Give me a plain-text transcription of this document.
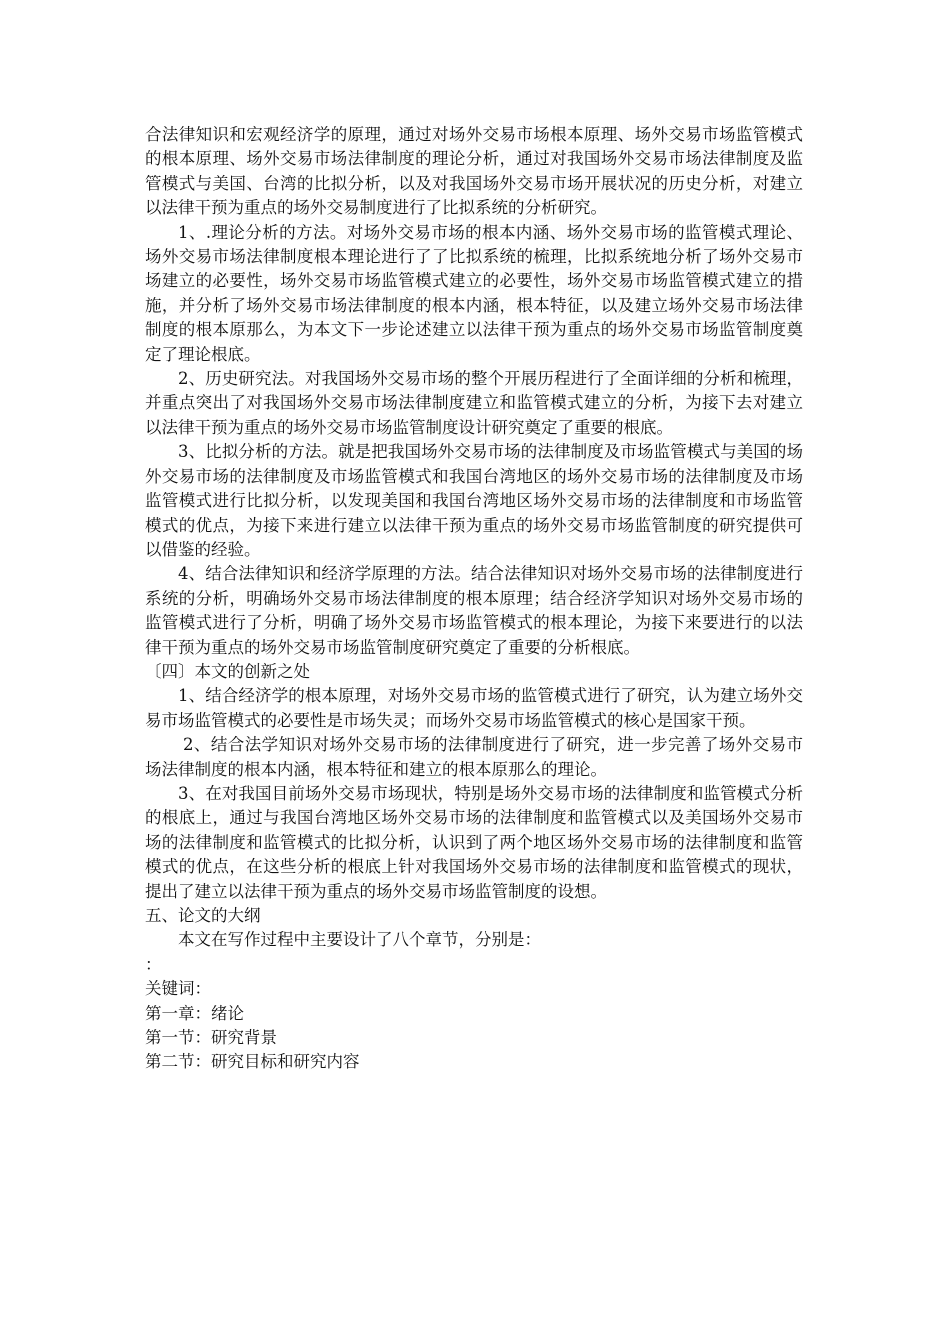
合法律知识和宏观经济学的原理，通过对场外交易市场根本原理、场外交易市场监管模式的根本原理、场外交易市场法律制度的理论分析，通过对我国场外交易市场法律制度及监管模式与美国、台湾的比拟分析，以及对我国场外交易市场开展状况的历史分析，对建立以法律干预为重点的场外交易制度进行了比拟系统的分析研究。

1、.理论分析的方法。对场外交易市场的根本内涵、场外交易市场的监管模式理论、场外交易市场法律制度根本理论进行了了比拟系统的梳理，比拟系统地分析了场外交易市场建立的必要性，场外交易市场监管模式建立的必要性，场外交易市场监管模式建立的措施，并分析了场外交易市场法律制度的根本内涵，根本特征，以及建立场外交易市场法律制度的根本原那么，为本文下一步论述建立以法律干预为重点的场外交易市场监管制度奠定了理论根底。

2、历史研究法。对我国场外交易市场的整个开展历程进行了全面详细的分析和梳理，并重点突出了对我国场外交易市场法律制度建立和监管模式建立的分析，为接下去对建立以法律干预为重点的场外交易市场监管制度设计研究奠定了重要的根底。

3、比拟分析的方法。就是把我国场外交易市场的法律制度及市场监管模式与美国的场外交易市场的法律制度及市场监管模式和我国台湾地区的场外交易市场的法律制度及市场监管模式进行比拟分析，以发现美国和我国台湾地区场外交易市场的法律制度和市场监管模式的优点，为接下来进行建立以法律干预为重点的场外交易市场监管制度的研究提供可以借鉴的经验。

4、结合法律知识和经济学原理的方法。结合法律知识对场外交易市场的法律制度进行系统的分析，明确场外交易市场法律制度的根本原理；结合经济学知识对场外交易市场的监管模式进行了分析，明确了场外交易市场监管模式的根本理论，为接下来要进行的以法律干预为重点的场外交易市场监管制度研究奠定了重要的分析根底。

〔四〕本文的创新之处

1、结合经济学的根本原理，对场外交易市场的监管模式进行了研究，认为建立场外交易市场监管模式的必要性是市场失灵；而场外交易市场监管模式的核心是国家干预。

2、结合法学知识对场外交易市场的法律制度进行了研究，进一步完善了场外交易市场法律制度的根本内涵，根本特征和建立的根本原那么的理论。

3、在对我国目前场外交易市场现状，特别是场外交易市场的法律制度和监管模式分析的根底上，通过与我国台湾地区场外交易市场的法律制度和监管模式以及美国场外交易市场的法律制度和监管模式的比拟分析，认识到了两个地区场外交易市场的法律制度和监管模式的优点，在这些分析的根底上针对我国场外交易市场的法律制度和监管模式的现状，提出了建立以法律干预为重点的场外交易市场监管制度的设想。

五、论文的大纲

本文在写作过程中主要设计了八个章节，分别是：

：

关键词：

第一章：绪论

第一节：研究背景

第二节：研究目标和研究内容
